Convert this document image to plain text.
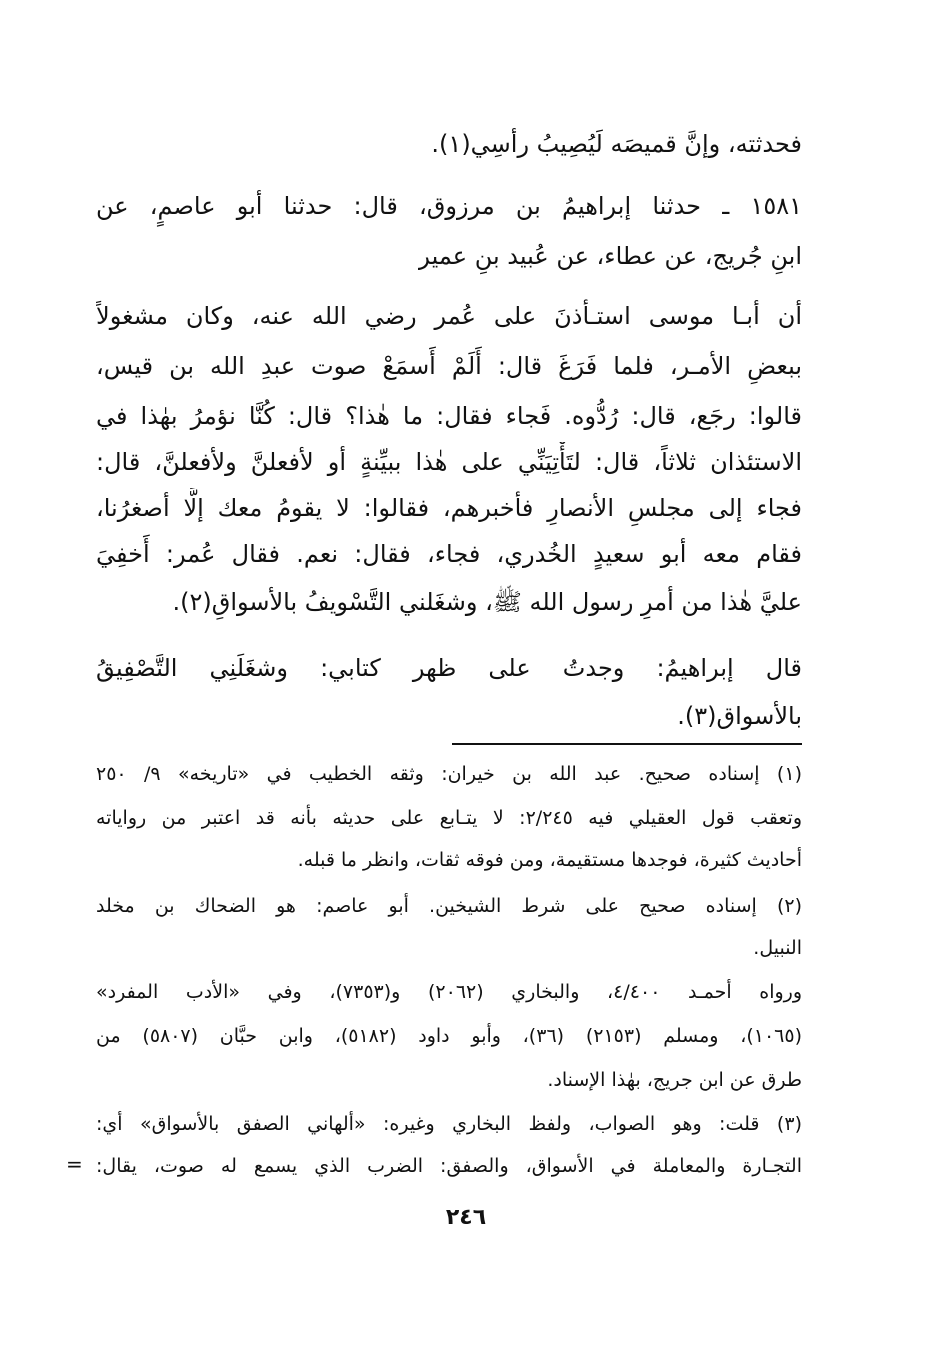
فحدثته، وإنَّ قميصَه لَيُصِيبُ رأسِي(١).
١٥٨١ ـ حدثنا إبراهيمُ بن مرزوق، قال: حدثنا أبو عاصمٍ، عن
ابنِ جُريج، عن عطاء، عن عُبيد بنِ عمير
أن أبـا موسى استـأذنَ على عُمر رضي الله عنه، وكان مشغولاً
ببعضِ الأمـر، فلما فَرَغَ قال: أَلَمْ أَسمَعْ صوت عبدِ الله بن قيس،
قالوا: رجَع، قال: رُدُّوه. فَجاء فقال: ما هٰذا؟ قال: كُنَّا نؤمرُ بهٰذا في
الاستئذان ثلاثاً، قال: لتَأْتِيَنِّي على هٰذا ببيِّنةٍ أو لأفعلنَّ ولأفعلنَّ، قال:
فجاء إلى مجلسِ الأنصارِ فأخبرهم، فقالوا: لا يقومُ معك إلَّا أصغرُنا،
فقام معه أبو سعيدٍ الخُدري، فجاء، فقال: نعم. فقال عُمر: أَخفِيَ
عليَّ هٰذا من أمرِ رسول الله ﷺ، وشغَلني التَّسْويفُ بالأسواقِ(٢).
قال إبراهيمُ: وجدتُ على ظهر كتابي: وشغَلَنِي التَّصْفِيقُ
بالأسواق(٣).
(١) إسناده صحيح. عبد الله بن خيران: وثقه الخطيب في «تاريخه» ٩/ ٢٥٠
وتعقب قول العقيلي فيه ٢/٢٤٥: لا يتـابع على حديثه بأنه قد اعتبر من رواياته
أحاديث كثيرة، فوجدها مستقيمة، ومن فوقه ثقات، وانظر ما قبله.
(٢) إسناده صحيح على شرط الشيخين. أبو عاصم: هو الضحاك بن مخلد
النبيل.
ورواه أحمـد ٤/٤٠٠، والبخاري (٢٠٦٢) و(٧٣٥٣)، وفي «الأدب المفرد»
(١٠٦٥)، ومسلم (٢١٥٣) (٣٦)، وأبو داود (٥١٨٢)، وابن حبَّان (٥٨٠٧) من
طرق عن ابن جريج، بهٰذا الإسناد.
(٣) قلت: وهو الصواب، ولفظ البخاري وغيره: «ألهاني الصفق بالأسواق» أي:
التجـارة والمعاملة في الأسواق، والصفق: الضرب الذي يسمع له صوت، يقال:
=
٢٤٦
